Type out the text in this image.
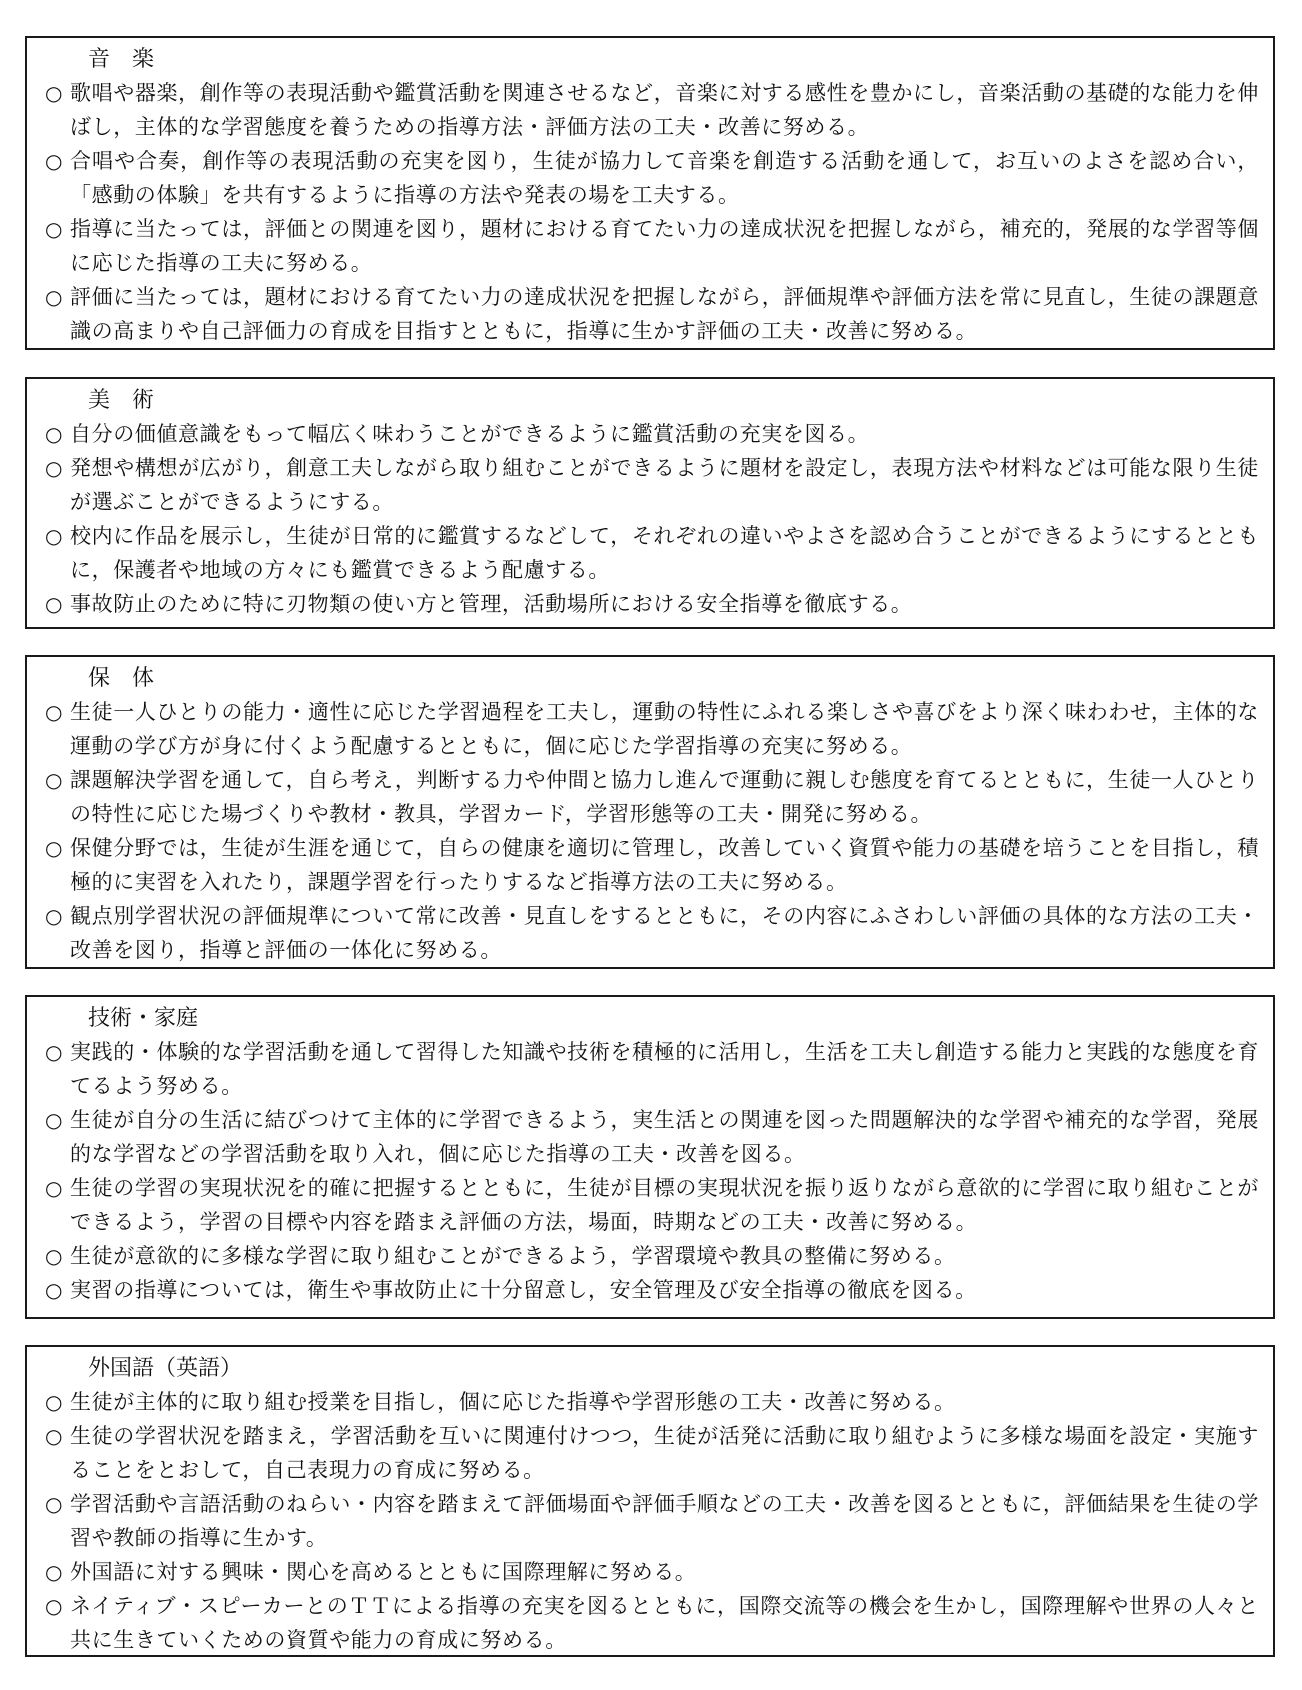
音　楽
○
歌唱や器楽，創作等の表現活動や鑑賞活動を関連させるなど，音楽に対する感性を豊かにし，音楽活動の基礎的な能力を伸ばし，主体的な学習態度を養うための指導方法・評価方法の工夫・改善に努める。
○
合唱や合奏，創作等の表現活動の充実を図り，生徒が協力して音楽を創造する活動を通して，お互いのよさを認め合い，「感動の体験」を共有するように指導の方法や発表の場を工夫する。
○
指導に当たっては，評価との関連を図り，題材における育てたい力の達成状況を把握しながら，補充的，発展的な学習等個に応じた指導の工夫に努める。
○
評価に当たっては，題材における育てたい力の達成状況を把握しながら，評価規準や評価方法を常に見直し，生徒の課題意識の高まりや自己評価力の育成を目指すとともに，指導に生かす評価の工夫・改善に努める。
美　術
○
自分の価値意識をもって幅広く味わうことができるように鑑賞活動の充実を図る。
○
発想や構想が広がり，創意工夫しながら取り組むことができるように題材を設定し，表現方法や材料などは可能な限り生徒が選ぶことができるようにする。
○
校内に作品を展示し，生徒が日常的に鑑賞するなどして，それぞれの違いやよさを認め合うことができるようにするとともに，保護者や地域の方々にも鑑賞できるよう配慮する。
○
事故防止のために特に刃物類の使い方と管理，活動場所における安全指導を徹底する。
保　体
○
生徒一人ひとりの能力・適性に応じた学習過程を工夫し，運動の特性にふれる楽しさや喜びをより深く味わわせ，主体的な運動の学び方が身に付くよう配慮するとともに，個に応じた学習指導の充実に努める。
○
課題解決学習を通して，自ら考え，判断する力や仲間と協力し進んで運動に親しむ態度を育てるとともに，生徒一人ひとりの特性に応じた場づくりや教材・教具，学習カード，学習形態等の工夫・開発に努める。
○
保健分野では，生徒が生涯を通じて，自らの健康を適切に管理し，改善していく資質や能力の基礎を培うことを目指し，積極的に実習を入れたり，課題学習を行ったりするなど指導方法の工夫に努める。
○
観点別学習状況の評価規準について常に改善・見直しをするとともに，その内容にふさわしい評価の具体的な方法の工夫・改善を図り，指導と評価の一体化に努める。
技術・家庭
○
実践的・体験的な学習活動を通して習得した知識や技術を積極的に活用し，生活を工夫し創造する能力と実践的な態度を育てるよう努める。
○
生徒が自分の生活に結びつけて主体的に学習できるよう，実生活との関連を図った問題解決的な学習や補充的な学習，発展的な学習などの学習活動を取り入れ，個に応じた指導の工夫・改善を図る。
○
生徒の学習の実現状況を的確に把握するとともに，生徒が目標の実現状況を振り返りながら意欲的に学習に取り組むことができるよう，学習の目標や内容を踏まえ評価の方法，場面，時期などの工夫・改善に努める。
○
生徒が意欲的に多様な学習に取り組むことができるよう，学習環境や教具の整備に努める。
○
実習の指導については，衛生や事故防止に十分留意し，安全管理及び安全指導の徹底を図る。
外国語（英語）
○
生徒が主体的に取り組む授業を目指し，個に応じた指導や学習形態の工夫・改善に努める。
○
生徒の学習状況を踏まえ，学習活動を互いに関連付けつつ，生徒が活発に活動に取り組むように多様な場面を設定・実施することをとおして，自己表現力の育成に努める。
○
学習活動や言語活動のねらい・内容を踏まえて評価場面や評価手順などの工夫・改善を図るとともに，評価結果を生徒の学習や教師の指導に生かす。
○
外国語に対する興味・関心を高めるとともに国際理解に努める。
○
ネイティブ・スピーカーとのＴＴによる指導の充実を図るとともに，国際交流等の機会を生かし，国際理解や世界の人々と共に生きていくための資質や能力の育成に努める。
